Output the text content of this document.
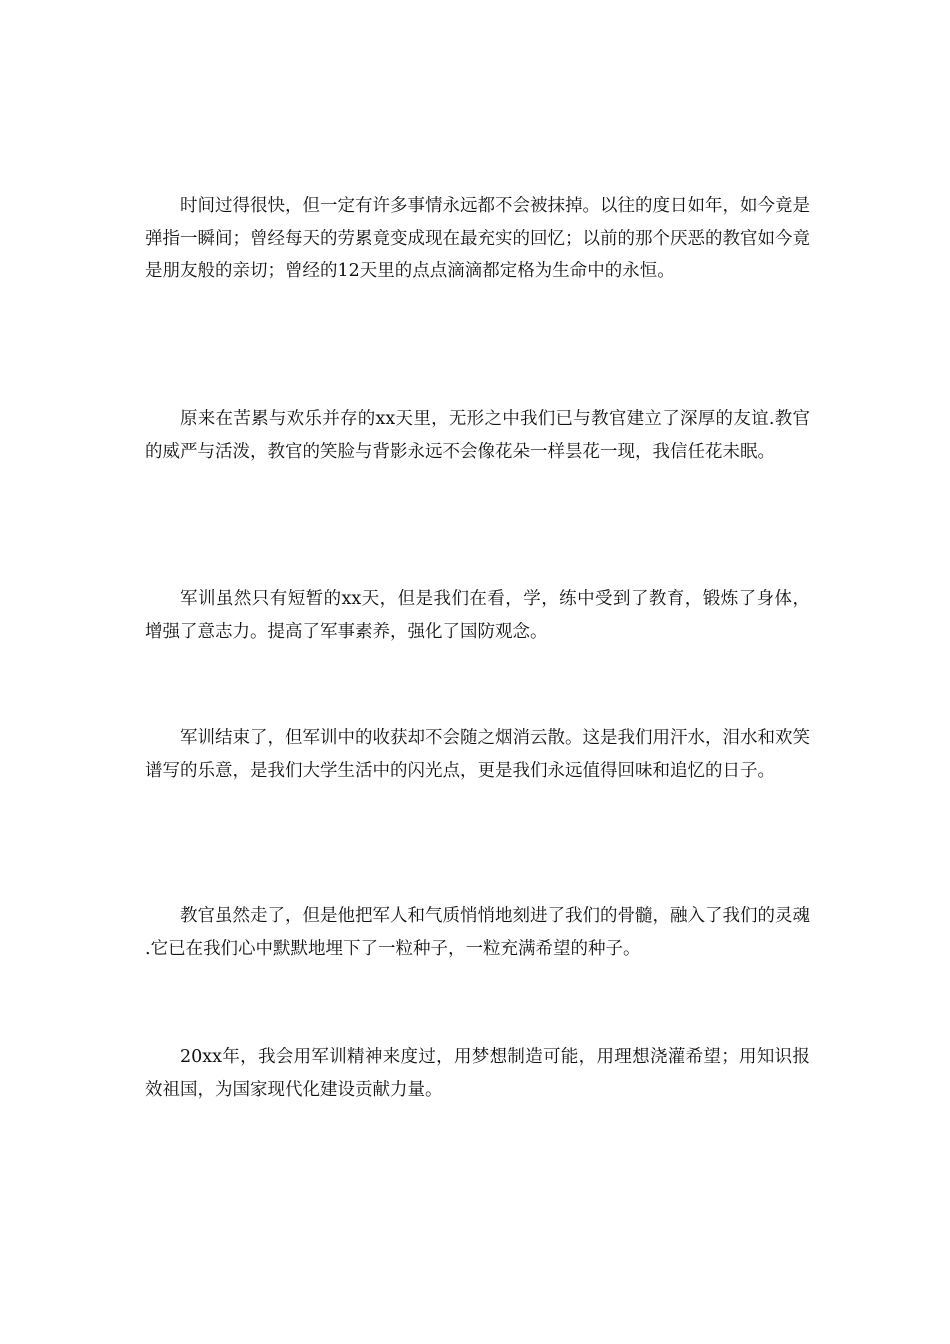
时间过得很快，但一定有许多事情永远都不会被抹掉。以往的度日如年，如今竟是弹指一瞬间；曾经每天的劳累竟变成现在最充实的回忆；以前的那个厌恶的教官如今竟是朋友般的亲切；曾经的12天里的点点滴滴都定格为生命中的永恒。

原来在苦累与欢乐并存的xx天里，无形之中我们已与教官建立了深厚的友谊.教官的威严与活泼，教官的笑脸与背影永远不会像花朵一样昙花一现，我信任花未眠。

军训虽然只有短暂的xx天，但是我们在看，学，练中受到了教育，锻炼了身体，增强了意志力。提高了军事素养，强化了国防观念。

军训结束了，但军训中的收获却不会随之烟消云散。这是我们用汗水，泪水和欢笑谱写的乐意，是我们大学生活中的闪光点，更是我们永远值得回味和追忆的日子。

教官虽然走了，但是他把军人和气质悄悄地刻进了我们的骨髓，融入了我们的灵魂.它已在我们心中默默地埋下了一粒种子，一粒充满希望的种子。

20xx年，我会用军训精神来度过，用梦想制造可能，用理想浇灌希望；用知识报效祖国，为国家现代化建设贡献力量。
